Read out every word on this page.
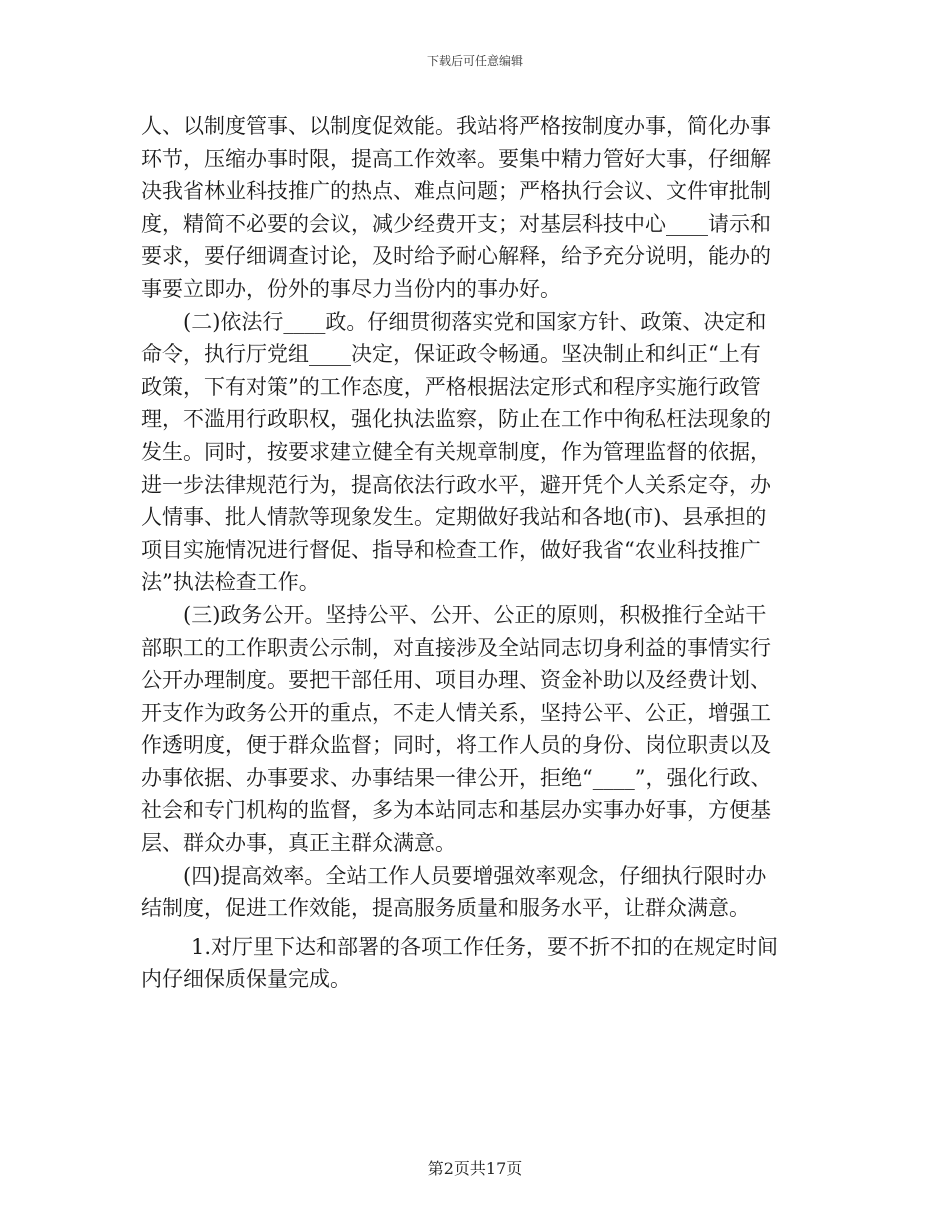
下载后可任意编辑
人、以制度管事、以制度促效能。我站将严格按制度办事，简化办事
环节，压缩办事时限，提高工作效率。要集中精力管好大事，仔细解
决我省林业科技推广的热点、难点问题；严格执行会议、文件审批制
度，精简不必要的会议，减少经费开支；对基层科技中心____请示和
要求，要仔细调查讨论，及时给予耐心解释，给予充分说明，能办的
事要立即办，份外的事尽力当份内的事办好。
(二)依法行____政。仔细贯彻落实党和国家方针、政策、决定和
命令，执行厅党组____决定，保证政令畅通。坚决制止和纠正“上有
政策，下有对策”的工作态度，严格根据法定形式和程序实施行政管
理，不滥用行政职权，强化执法监察，防止在工作中徇私枉法现象的
发生。同时，按要求建立健全有关规章制度，作为管理监督的依据，
进一步法律规范行为，提高依法行政水平，避开凭个人关系定夺，办
人情事、批人情款等现象发生。定期做好我站和各地(市)、县承担的
项目实施情况进行督促、指导和检查工作，做好我省“农业科技推广
法”执法检查工作。
(三)政务公开。坚持公平、公开、公正的原则，积极推行全站干
部职工的工作职责公示制，对直接涉及全站同志切身利益的事情实行
公开办理制度。要把干部任用、项目办理、资金补助以及经费计划、
开支作为政务公开的重点，不走人情关系，坚持公平、公正，增强工
作透明度，便于群众监督；同时，将工作人员的身份、岗位职责以及
办事依据、办事要求、办事结果一律公开，拒绝“____”，强化行政、
社会和专门机构的监督，多为本站同志和基层办实事办好事，方便基
层、群众办事，真正主群众满意。
(四)提高效率。全站工作人员要增强效率观念，仔细执行限时办
结制度，促进工作效能，提高服务质量和服务水平，让群众满意。
1.对厅里下达和部署的各项工作任务，要不折不扣的在规定时间
内仔细保质保量完成。
第2页共17页
